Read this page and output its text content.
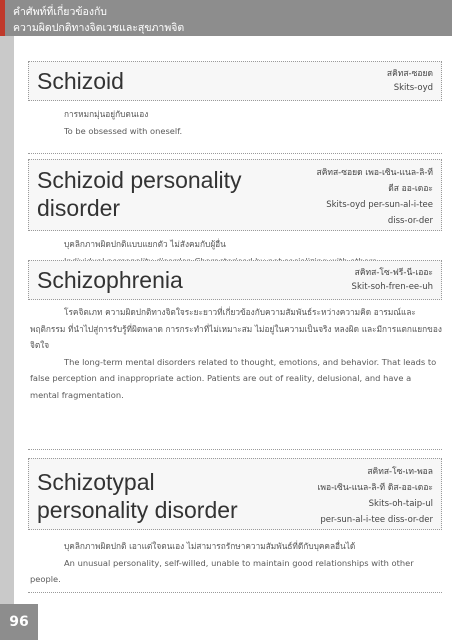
คำศัพท์ที่เกี่ยวข้องกับ
ความผิดปกติทางจิตเวชและสุขภาพจิต
96
Schizoid	สคิทส-ซอยด
Skits-oyd

การหมกมุ่นอยู่กับตนเอง

To be obsessed with oneself.

Schizoid personality
disorder
สคิทส-ซอยด เพอ-เซิน-แนล-ลิ-ที
ดีส ออ-เดอะ
Skits-oyd per-sun-al-i-tee
diss-or-der

บุคลิกภาพผิดปกติแบบแยกตัว ไม่สังคมกับผู้อื่น

Schizophrenia	สคิทส-โซ-ฟรี-นี-เออะ
Skit-soh-fren-ee-uh

โรคจิตเภท ความผิดปกติทางจิตใจระยะยาวที่เกี่ยวข้องกับความสัมพันธ์ระหว่างความคิด อารมณ์และพฤติกรรม ที่นำไปสู่การรับรู้ที่ผิดพลาด การกระทำที่ไม่เหมาะสม ไม่อยู่ในความเป็นจริง หลงผิด และมีการแตกแยกของจิตใจ

The long-term mental disorders related to thought, emotions, and behavior. That leads to false perception and inappropriate action. Patients are out of reality, delusional, and have a mental fragmentation.

Schizotypal
personality disorder
สคิทส-โซ-เท-พอล
เพอ-เซิน-แนล-ลิ-ที ดิส-ออ-เดอะ
Skits-oh-taip-ul
per-sun-al-i-tee diss-or-der

บุคลิกภาพผิดปกติ เอาแต่ใจตนเอง ไม่สามารถรักษาความสัมพันธ์ที่ดีกับบุคคลอื่นได้

An unusual personality, self-willed, unable to maintain good relationships with other people.
